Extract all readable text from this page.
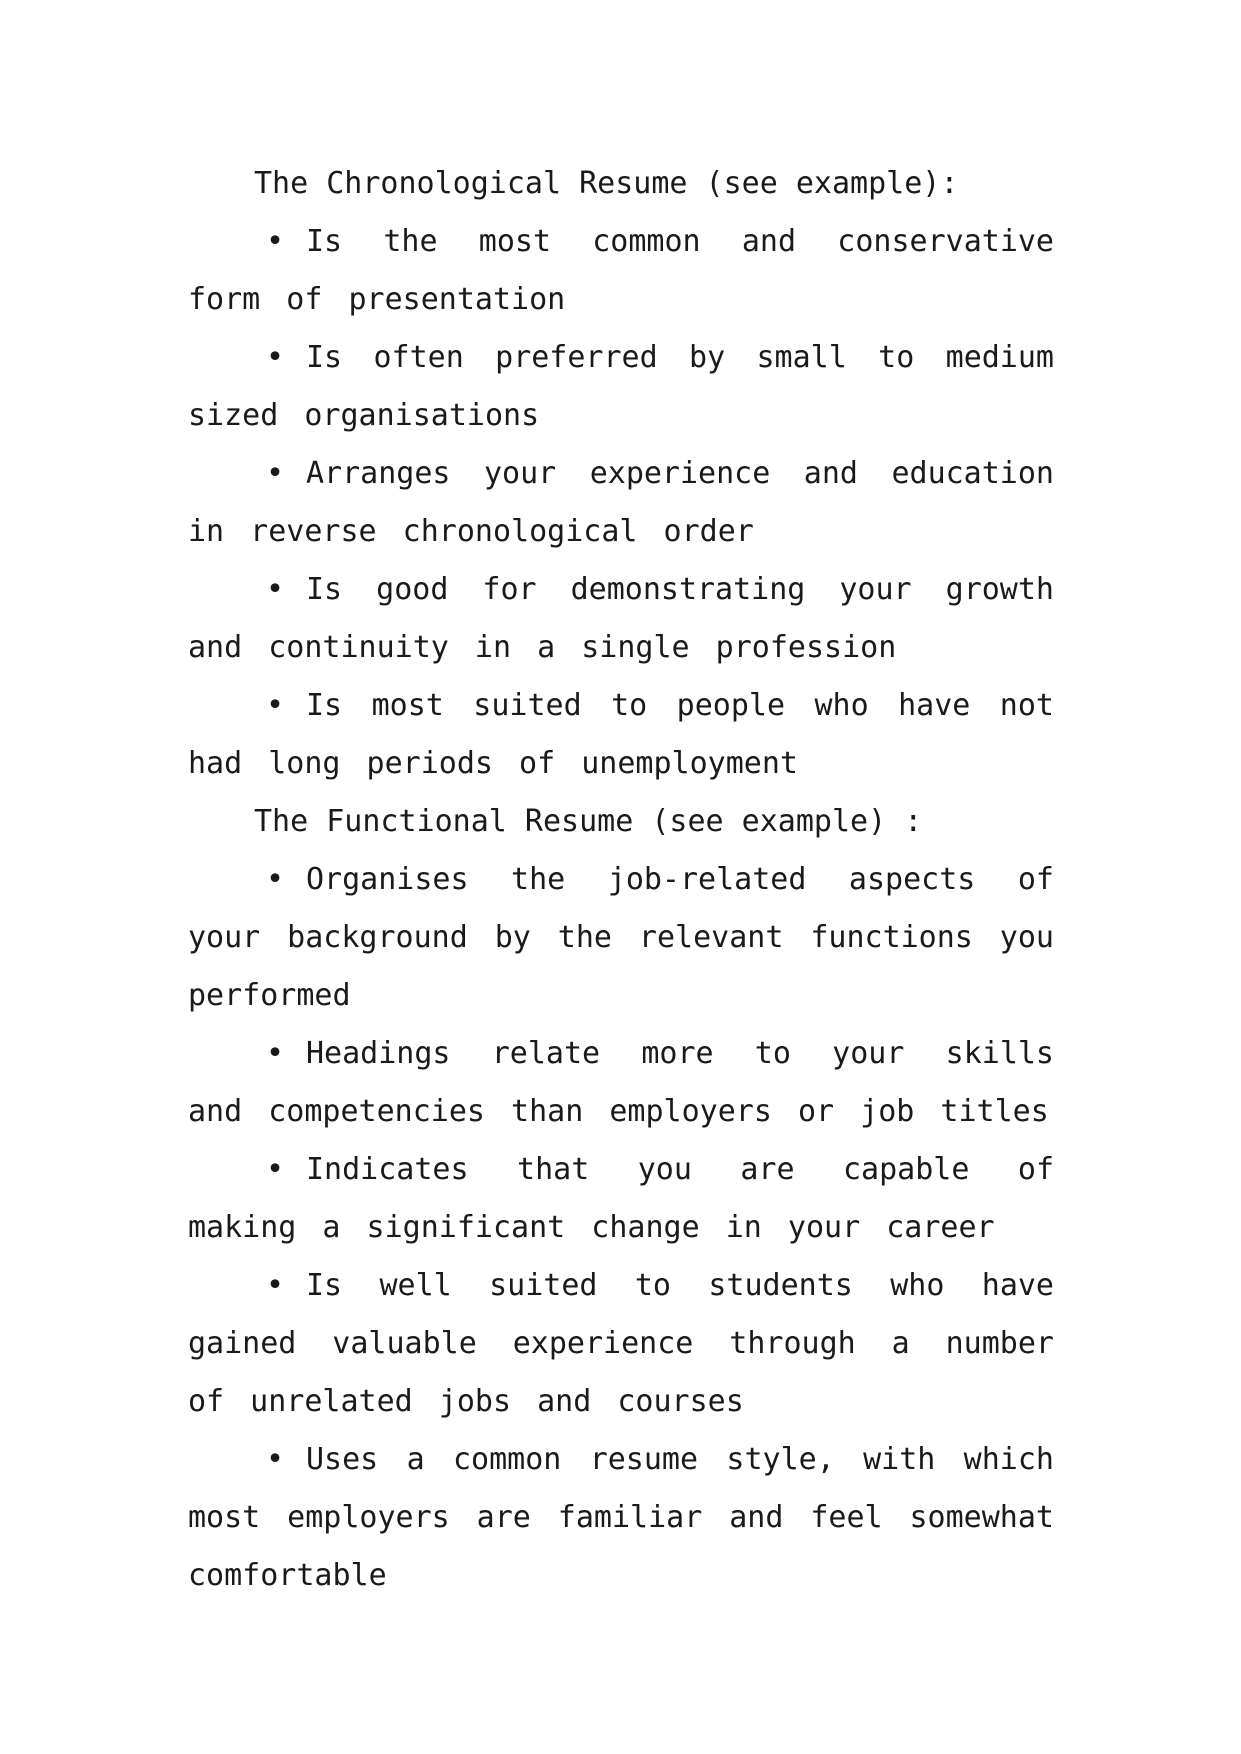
The Chronological Resume (see example):
• Is the most common and conservative form of presentation
• Is often preferred by small to medium sized organisations
• Arranges your experience and education in reverse chronological order
• Is good for demonstrating your growth and continuity in a single profession
• Is most suited to people who have not had long periods of unemployment
The Functional Resume (see example) :
• Organises the job-related aspects of your background by the relevant functions you performed
• Headings relate more to your skills and competencies than employers or job titles
• Indicates that you are capable of making a significant change in your career
• Is well suited to students who have gained valuable experience through a number of unrelated jobs and courses
• Uses a common resume style, with which most employers are familiar and feel somewhat comfortable
